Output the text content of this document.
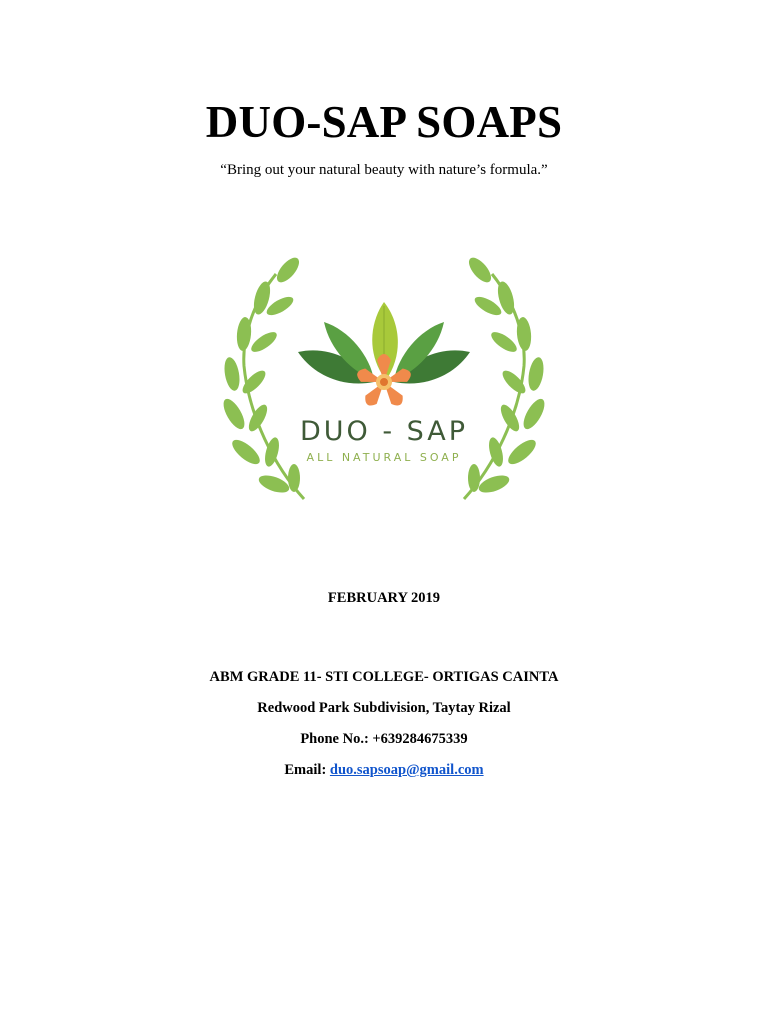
DUO-SAP SOAPS
“Bring out your natural beauty with nature’s formula.”
DUO - SAP
ALL NATURAL SOAP
FEBRUARY 2019
ABM GRADE 11- STI COLLEGE- ORTIGAS CAINTA
Redwood Park Subdivision, Taytay Rizal
Phone No.: +639284675339
Email: duo.sapsoap@gmail.com
